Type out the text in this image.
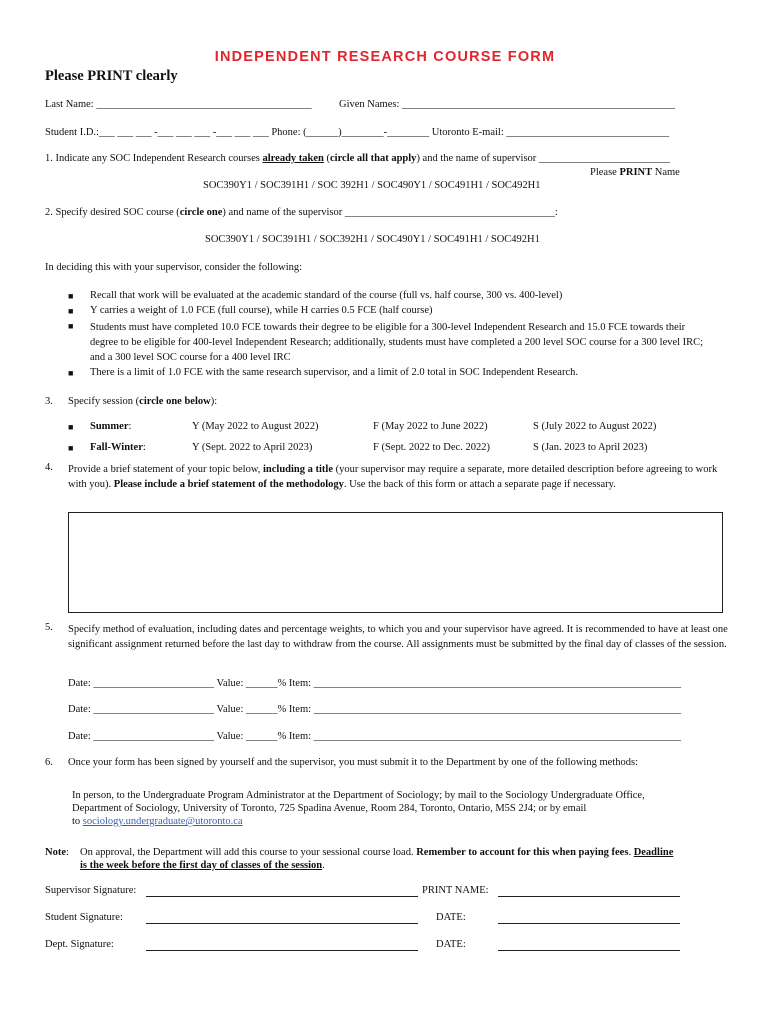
INDEPENDENT RESEARCH COURSE FORM
Please PRINT clearly
Last Name: _________________________________________	Given Names: ____________________________________________________
Student I.D.:___ ___ ___ -___ ___ ___ -___ ___ ___ Phone: (______)________-________ Utoronto E-mail: _______________________________
1. Indicate any SOC Independent Research courses already taken (circle all that apply) and the name of supervisor _________________________
Please PRINT Name
SOC390Y1 / SOC391H1 / SOC 392H1 / SOC490Y1 / SOC491H1 / SOC492H1
2. Specify desired SOC course (circle one) and name of the supervisor ________________________________________:
SOC390Y1 / SOC391H1 / SOC392H1 / SOC490Y1 / SOC491H1 / SOC492H1
In deciding this with your supervisor, consider the following:
■ Recall that work will be evaluated at the academic standard of the course (full vs. half course, 300 vs. 400-level)
■ Y carries a weight of 1.0 FCE (full course), while H carries 0.5 FCE (half course)
■ Students must have completed 10.0 FCE towards their degree to be eligible for a 300-level Independent Research and 15.0 FCE towards their degree to be eligible for 400-level Independent Research; additionally, students must have completed a 200 level SOC course for a 300 level IRC; and a 300 level SOC course for a 400 level IRC
■ There is a limit of 1.0 FCE with the same research supervisor, and a limit of 2.0 total in SOC Independent Research.
3. Specify session (circle one below):
■ Summer:	Y (May 2022 to August 2022)	F (May 2022 to June 2022)	S (July 2022 to August 2022)
■ Fall-Winter:	Y (Sept. 2022 to April 2023)	F (Sept. 2022 to Dec. 2022)	S (Jan. 2023 to April 2023)
4. Provide a brief statement of your topic below, including a title (your supervisor may require a separate, more detailed description before agreeing to work with you). Please include a brief statement of the methodology. Use the back of this form or attach a separate page if necessary.
5. Specify method of evaluation, including dates and percentage weights, to which you and your supervisor have agreed. It is recommended to have at least one significant assignment returned before the last day to withdraw from the course. All assignments must be submitted by the final day of classes of the session.
Date: _______________________ Value: ______% Item: ______________________________________________________________________
Date: _______________________ Value: ______% Item: ______________________________________________________________________
Date: _______________________ Value: ______% Item: ______________________________________________________________________
6. Once your form has been signed by yourself and the supervisor, you must submit it to the Department by one of the following methods:
In person, to the Undergraduate Program Administrator at the Department of Sociology; by mail to the Sociology Undergraduate Office,
Department of Sociology, University of Toronto, 725 Spadina Avenue, Room 284, Toronto, Ontario, M5S 2J4; or by email
to sociology.undergraduate@utoronto.ca
Note: On approval, the Department will add this course to your sessional course load. Remember to account for this when paying fees. Deadline
is the week before the first day of classes of the session.
Supervisor Signature:	PRINT NAME:
Student Signature:	DATE:
Dept. Signature:	DATE:
